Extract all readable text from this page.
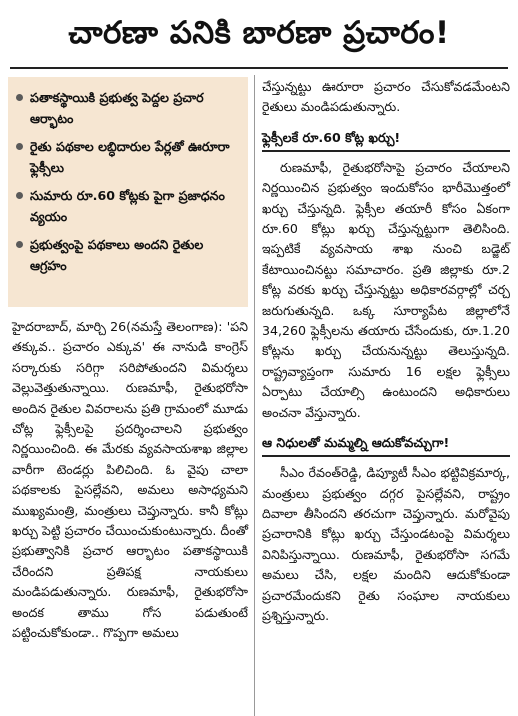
చారణా పనికి బారణా ప్రచారం!
పతాకస్థాయికి ప్రభుత్వ పెద్దల ప్రచార ఆర్భాటం
రైతు పథకాల లబ్ధిదారుల పేర్లతో ఊరూరా ఫ్లెక్సీలు
సుమారు రూ.60 కోట్లకు పైగా ప్రజాధనం వ్యయం
ప్రభుత్వంపై పథకాలు అందని రైతుల ఆగ్రహం

హైదరాబాద్‌, మార్చి 26(నమస్తే తెలంగాణ): 'పని తక్కువ.. ప్రచారం ఎక్కువ' ఈ నానుడి కాంగ్రెస్‌ సర్కారుకు సరిగ్గా సరిపోతుందని విమర్శలు వెల్లువెత్తుతున్నాయి. రుణమాఫీ, రైతుభరోసా అందిన రైతుల వివరాలను ప్రతి గ్రామంలో మూడు చోట్ల ఫ్లెక్సీలపై ప్రదర్శించాలని ప్రభుత్వం నిర్ణయించింది. ఈ మేరకు వ్యవసాయశాఖ జిల్లాల వారీగా టెండర్లు పిలిచింది. ఓ వైపు చాలా పథకాలకు పైసల్లేవని, అమలు అసాధ్యమని ముఖ్యమంత్రి, మంత్రులు చెప్తున్నారు. కానీ కోట్లు ఖర్చు పెట్టి ప్రచారం చేయించుకుంటున్నారు. దీంతో ప్రభుత్వానికి ప్రచార ఆర్భాటం పతాకస్థాయికి చేరిందని ప్రతిపక్ష నాయకులు మండిపడుతున్నారు. రుణమాఫీ, రైతుభరోసా అందక తాము గోస పడుతుంటే పట్టించుకోకుండా.. గొప్పగా అమలు

చేస్తున్నట్టు ఊరూరా ప్రచారం చేసుకోవడమేంటని రైతులు మండిపడుతున్నారు.

ఫ్లెక్సీలకే రూ.60 కోట్ల ఖర్చు!

రుణమాఫీ, రైతుభరోసాపై ప్రచారం చేయాలని నిర్ణయించిన ప్రభుత్వం ఇందుకోసం భారీమొత్తంలో ఖర్చు చేస్తున్నది. ఫ్లెక్సీల తయారీ కోసం ఏకంగా రూ.60 కోట్లు ఖర్చు చేస్తున్నట్టుగా తెలిసింది. ఇప్పటికే వ్యవసాయ శాఖ నుంచి బడ్జెట్‌ కేటాయించినట్టు సమాచారం. ప్రతి జిల్లాకు రూ.2 కోట్ల వరకు ఖర్చు చేస్తున్నట్టు అధికారవర్గాల్లో చర్చ జరుగుతున్నది. ఒక్క సూర్యాపేట జిల్లాలోనే 34,260 ఫ్లెక్సీలను తయారు చేసేందుకు, రూ.1.20 కోట్లను ఖర్చు చేయనున్నట్టు తెలుస్తున్నది. రాష్ట్రవ్యాప్తంగా సుమారు 16 లక్షల ఫ్లెక్సీలు ఏర్పాటు చేయాల్సి ఉంటుందని అధికారులు అంచనా వేస్తున్నారు.

ఆ నిధులతో మమ్మల్ని ఆదుకోవచ్చుగా!

సీఎం రేవంత్‌రెడ్డి, డిప్యూటీ సీఎం భట్టివిక్రమార్క, మంత్రులు ప్రభుత్వం దగ్గర పైసల్లేవని, రాష్ట్రం దివాలా తీసిందని తరచుగా చెప్తున్నారు. మరోవైపు ప్రచారానికి కోట్లు ఖర్చు చేస్తుండటంపై విమర్శలు వినిపిస్తున్నాయి. రుణమాఫీ, రైతుభరోసా సగమే అమలు చేసి, లక్షల మందిని ఆదుకోకుండా ప్రచారమేందుకని రైతు సంఘాల నాయకులు ప్రశ్నిస్తున్నారు.
